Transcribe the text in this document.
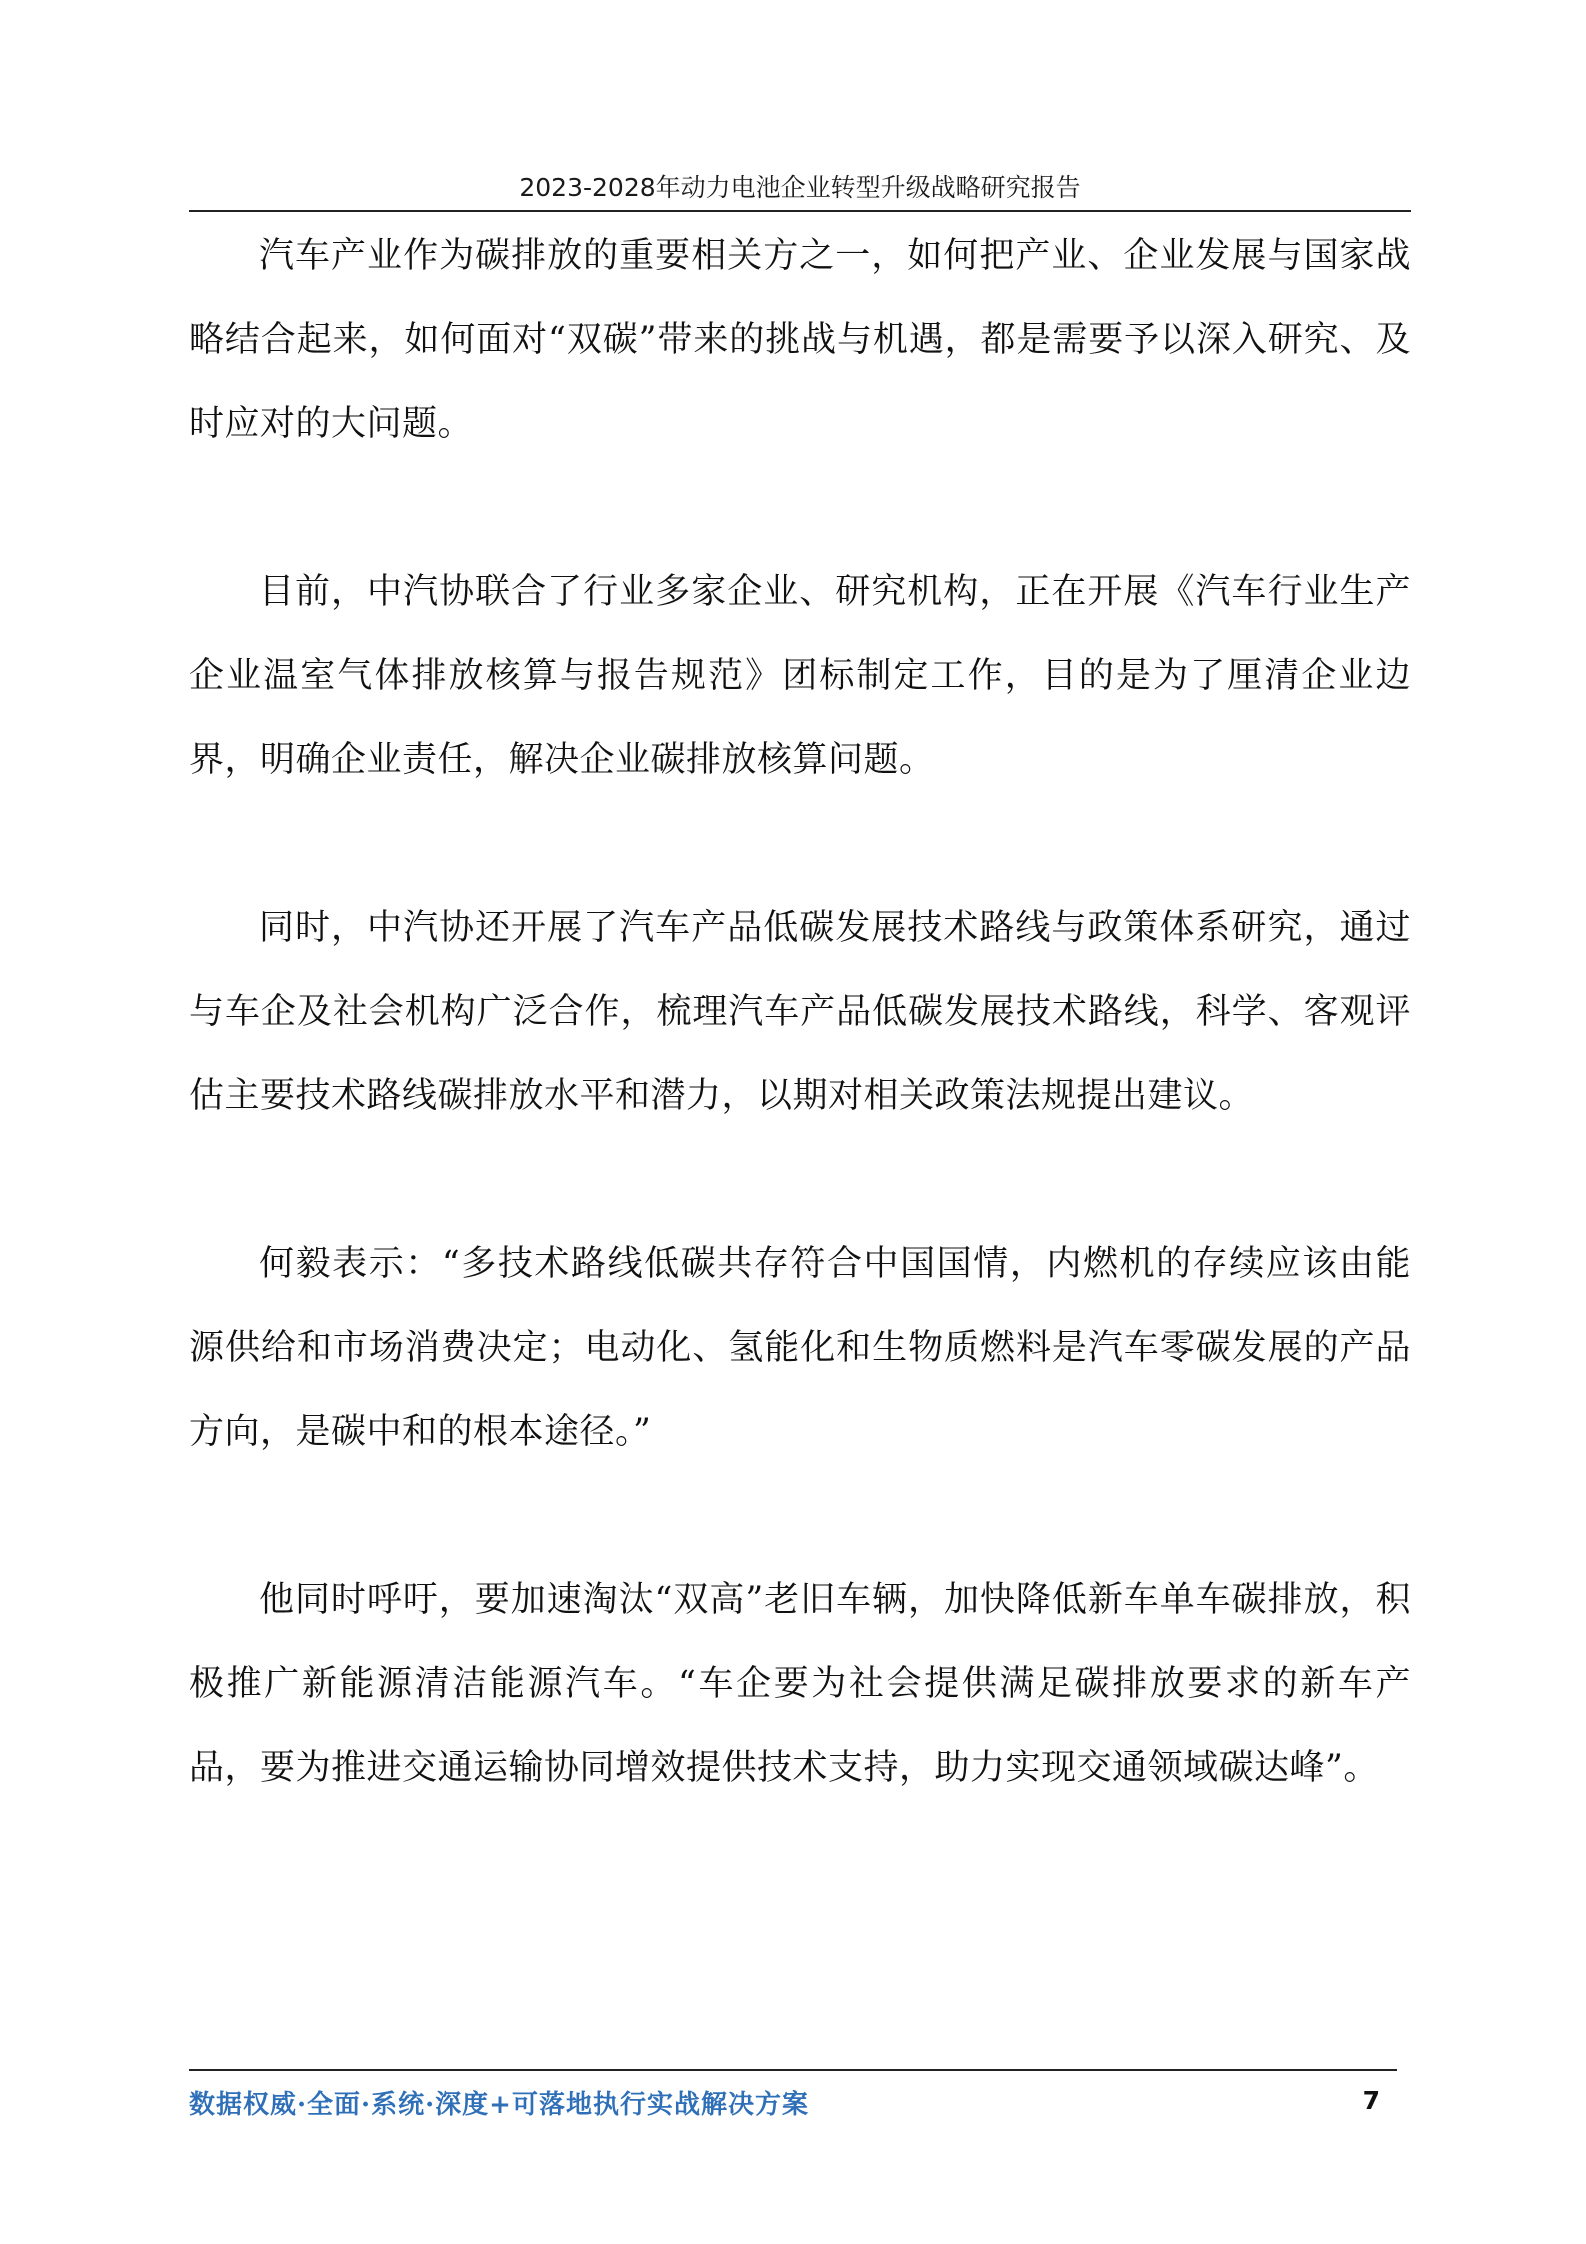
2023-2028年动力电池企业转型升级战略研究报告

汽车产业作为碳排放的重要相关方之一，如何把产业、企业发展与国家战略结合起来，如何面对“双碳”带来的挑战与机遇，都是需要予以深入研究、及时应对的大问题。

目前，中汽协联合了行业多家企业、研究机构，正在开展《汽车行业生产企业温室气体排放核算与报告规范》团标制定工作，目的是为了厘清企业边界，明确企业责任，解决企业碳排放核算问题。

同时，中汽协还开展了汽车产品低碳发展技术路线与政策体系研究，通过与车企及社会机构广泛合作，梳理汽车产品低碳发展技术路线，科学、客观评估主要技术路线碳排放水平和潜力，以期对相关政策法规提出建议。

何毅表示：“多技术路线低碳共存符合中国国情，内燃机的存续应该由能源供给和市场消费决定；电动化、氢能化和生物质燃料是汽车零碳发展的产品方向，是碳中和的根本途径。”

他同时呼吁，要加速淘汰“双高”老旧车辆，加快降低新车单车碳排放，积极推广新能源清洁能源汽车。“车企要为社会提供满足碳排放要求的新车产品，要为推进交通运输协同增效提供技术支持，助力实现交通领域碳达峰”。

数据权威·全面·系统·深度+可落地执行实战解决方案	7
